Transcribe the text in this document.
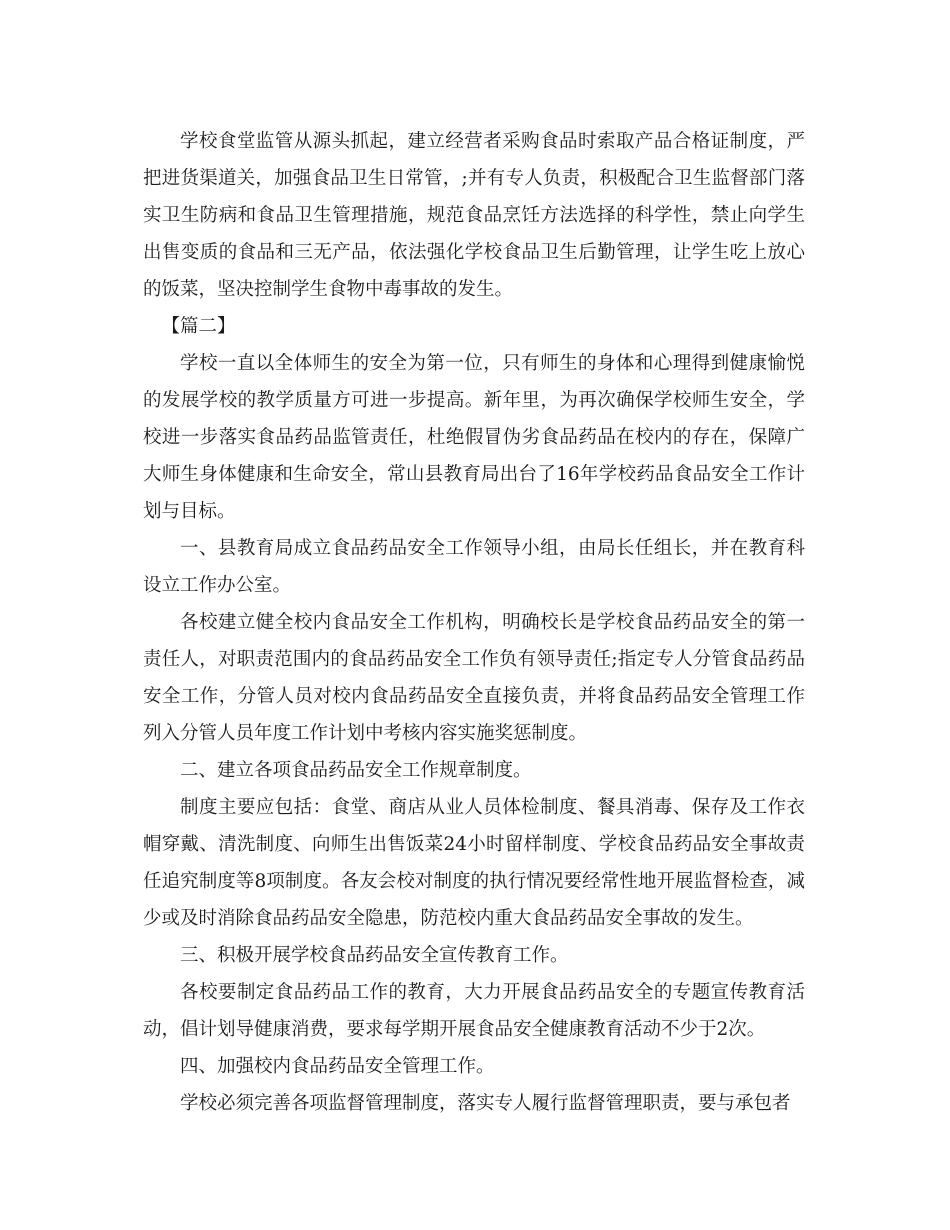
学校食堂监管从源头抓起，建立经营者采购食品时索取产品合格证制度，严把进货渠道关，加强食品卫生日常管，;并有专人负责，积极配合卫生监督部门落实卫生防病和食品卫生管理措施，规范食品烹饪方法选择的科学性，禁止向学生出售变质的食品和三无产品，依法强化学校食品卫生后勤管理，让学生吃上放心的饭菜，坚决控制学生食物中毒事故的发生。

【篇二】

学校一直以全体师生的安全为第一位，只有师生的身体和心理得到健康愉悦的发展学校的教学质量方可进一步提高。新年里，为再次确保学校师生安全，学校进一步落实食品药品监管责任，杜绝假冒伪劣食品药品在校内的存在，保障广大师生身体健康和生命安全，常山县教育局出台了16年学校药品食品安全工作计划与目标。

一、县教育局成立食品药品安全工作领导小组，由局长任组长，并在教育科设立工作办公室。

各校建立健全校内食品安全工作机构，明确校长是学校食品药品安全的第一责任人，对职责范围内的食品药品安全工作负有领导责任;指定专人分管食品药品安全工作，分管人员对校内食品药品安全直接负责，并将食品药品安全管理工作列入分管人员年度工作计划中考核内容实施奖惩制度。

二、建立各项食品药品安全工作规章制度。

制度主要应包括：食堂、商店从业人员体检制度、餐具消毒、保存及工作衣帽穿戴、清洗制度、向师生出售饭菜24小时留样制度、学校食品药品安全事故责任追究制度等8项制度。各友会校对制度的执行情况要经常性地开展监督检查，减少或及时消除食品药品安全隐患，防范校内重大食品药品安全事故的发生。

三、积极开展学校食品药品安全宣传教育工作。

各校要制定食品药品工作的教育，大力开展食品药品安全的专题宣传教育活动，倡计划导健康消费，要求每学期开展食品安全健康教育活动不少于2次。

四、加强校内食品药品安全管理工作。

学校必须完善各项监督管理制度，落实专人履行监督管理职责，要与承包者
